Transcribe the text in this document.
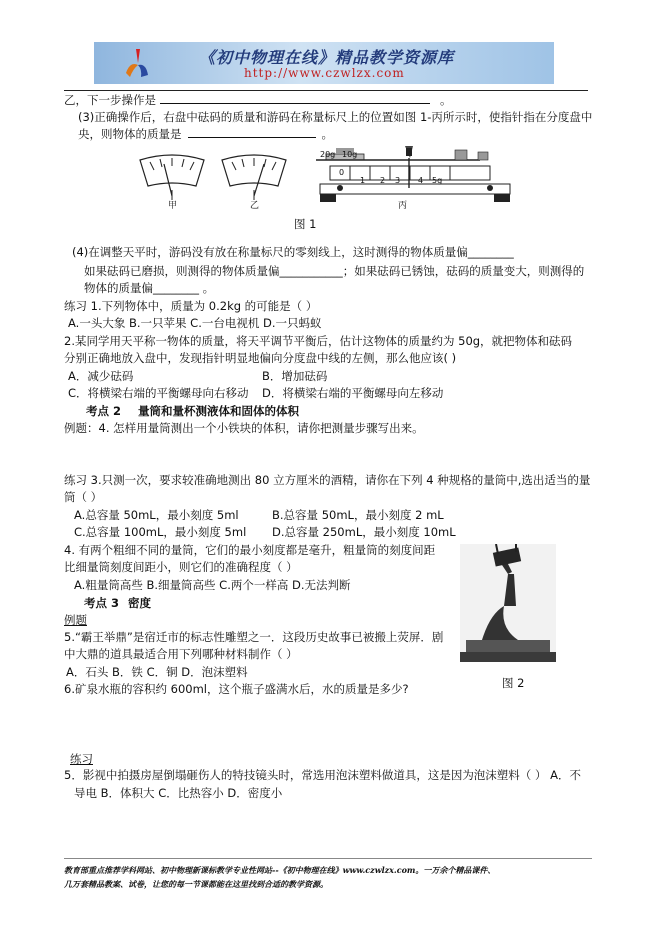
《初中物理在线》精品教学资源库
http://www.czwlzx.com
乙，下一步操作是	。
(3)正确操作后，右盘中砝码的质量和游码在称量标尺上的位置如图 1-丙所示时，使指针指在分度盘中
央，则物体的质量是	。
20g 10g
0
1 2 3 4 5g
甲	乙	丙
图 1
(4)在调整天平时，游码没有放在称量标尺的零刻线上，这时测得的物体质量偏________
如果砝码已磨损，则测得的物体质量偏___________；如果砝码已锈蚀，砝码的质量变大，则测得的
物体的质量偏________ 。
练习 1.下列物体中，质量为 0.2kg 的可能是（ ）
A.一头大象 B.一只苹果 C.一台电视机 D.一只蚂蚁
2.某同学用天平称一物体的质量，将天平调节平衡后，估计这物体的质量约为 50g，就把物体和砝码
分别正确地放入盘中，发现指针明显地偏向分度盘中线的左侧，那么他应该( )
A．减少砝码	B．增加砝码
C．将横梁右端的平衡螺母向右移动 D．将横梁右端的平衡螺母向左移动
考点 2 量筒和量杯测液体和固体的体积
例题：4. 怎样用量筒测出一个小铁块的体积，请你把测量步骤写出来。
练习 3.只测一次，要求较准确地测出 80 立方厘米的酒精，请你在下列 4 种规格的量筒中,选出适当的量
筒（ ）
A.总容量 50mL，最小刻度 5ml	B.总容量 50mL，最小刻度 2 mL
C.总容量 100mL，最小刻度 5ml D.总容量 250mL，最小刻度 10mL
4. 有两个粗细不同的量筒，它们的最小刻度都是毫升，粗量筒的刻度间距
比细量筒刻度间距小，则它们的准确程度（ ）
A.粗量筒高些 B.细量筒高些 C.两个一样高 D.无法判断
考点 3 密度
例题
5.“霸王举鼎”是宿迁市的标志性雕塑之一．这段历史故事已被搬上荧屏．剧
中大鼎的道具最适合用下列哪种材料制作（ ）
A．石头 B．铁 C．铜 D．泡沫塑料
6.矿泉水瓶的容积约 600ml，这个瓶子盛满水后，水的质量是多少?	图 2
练习
5．影视中拍摄房屋倒塌砸伤人的特技镜头时，常选用泡沫塑料做道具，这是因为泡沫塑料（ ） A．不
导电 B．体积大 C．比热容小 D．密度小
教育部重点推荐学科网站、初中物理新课标教学专业性网站--《初中物理在线》www.czwlzx.com。一万余个精品课件、
几万套精品教案、试卷，让您的每一节课都能在这里找到合适的教学资源。
